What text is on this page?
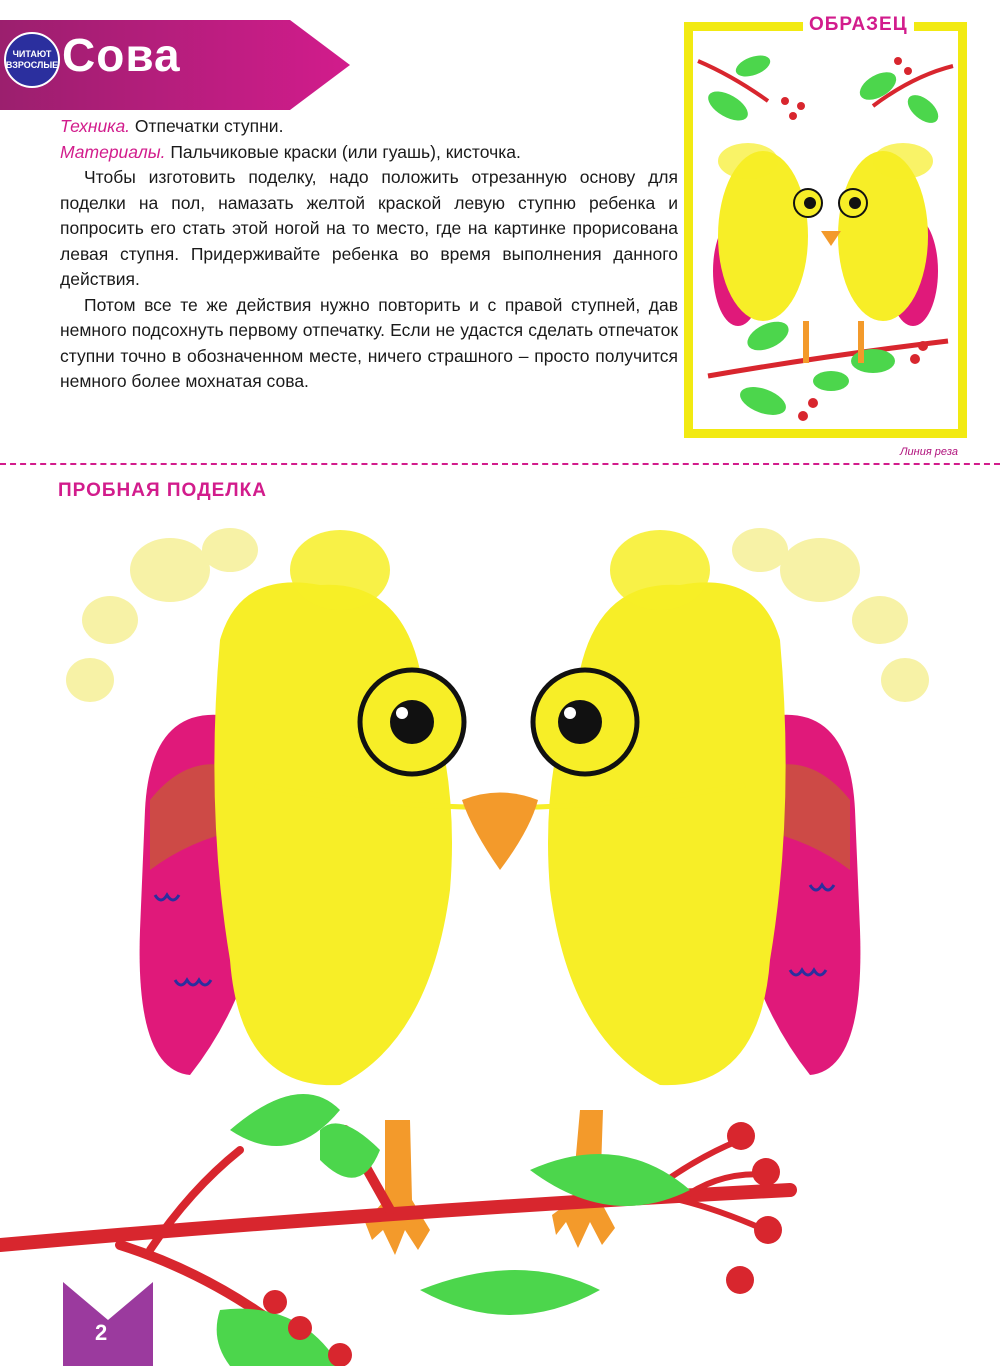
ЧИТАЮТ ВЗРОСЛЫЕ Сова

Техника. Отпечатки ступни.

Материалы. Пальчиковые краски (или гуашь), кисточка.

Чтобы изготовить поделку, надо положить отрезанную основу для поделки на пол, намазать желтой краской левую ступню ребенка и попросить его стать этой ногой на то место, где на картинке прорисована левая ступня. Придерживайте ребенка во время выполнения данного действия.

Потом все те же действия нужно повторить и с правой ступней, дав немного подсохнуть первому отпечатку. Если не удастся сделать отпечаток ступни точно в обозначенном месте, ничего страшного – просто получится немного более мохнатая сова.

ОБРАЗЕЦ
Линия реза
ПРОБНАЯ ПОДЕЛКА
2
